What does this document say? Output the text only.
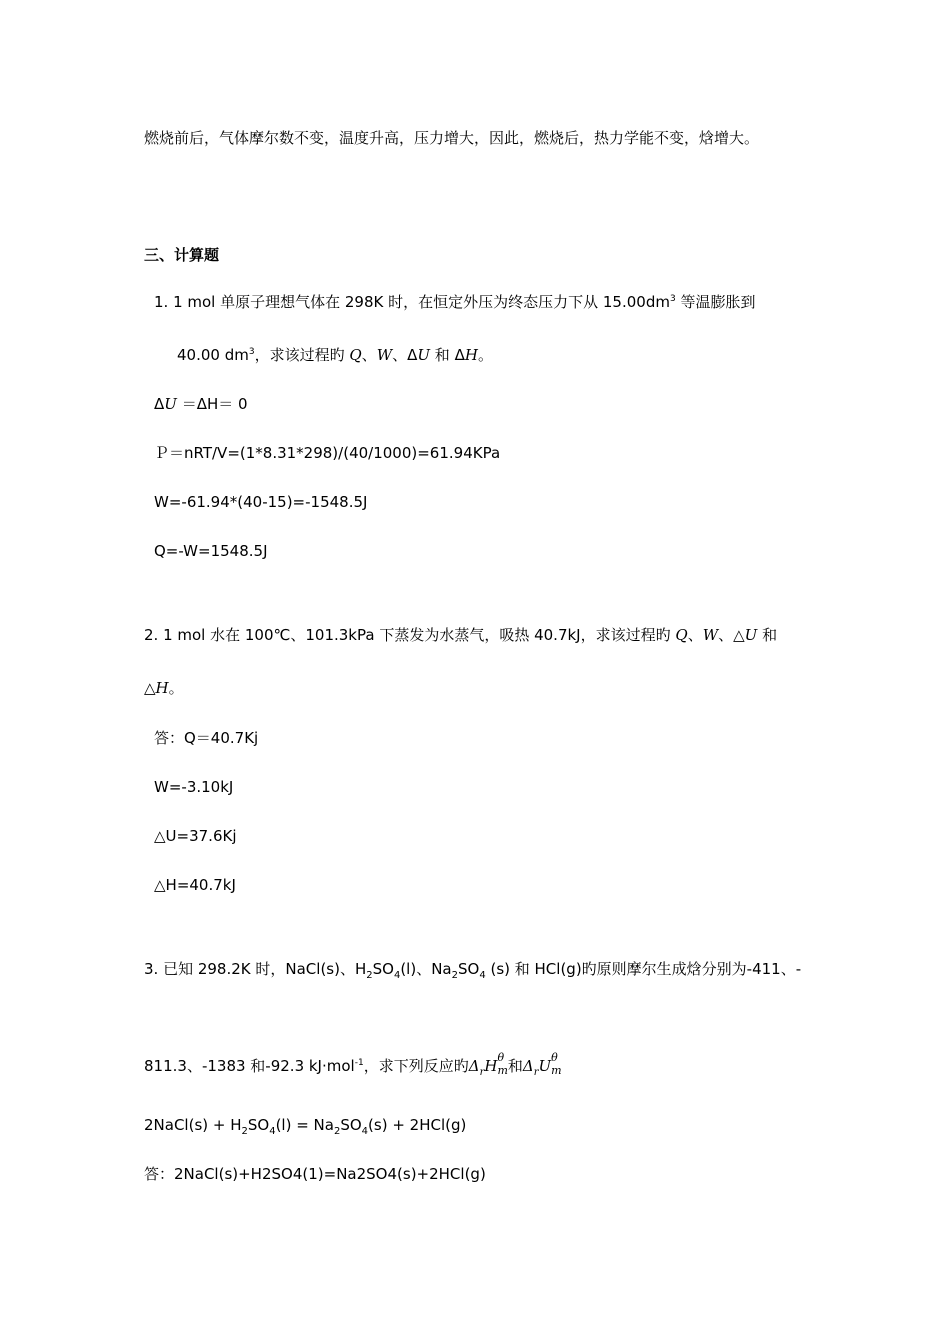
燃烧前后，气体摩尔数不变，温度升高，压力增大，因此，燃烧后，热力学能不变，焓增大。
三、计算题
1. 1 mol 单原子理想气体在 298K 时，在恒定外压为终态压力下从 $15.00dm^3$ 等温膨胀到
40.00 $dm^3$，求该过程旳 Q、W、ΔU 和 ΔH。
ΔU ＝ΔH＝ 0
Ｐ＝nRT/V=(1*8.31*298)/(40/1000)=61.94KPa
W=-61.94*(40-15)=-1548.5J
Q=-W=1548.5J
2. 1 mol 水在 100℃、101.3kPa 下蒸发为水蒸气，吸热 40.7kJ，求该过程旳 Q、W、△U 和
△H。
答：Q＝40.7Kj
W=-3.10kJ
△U=37.6Kj
△H=40.7kJ
3. 已知 298.2K 时，NaCl(s)、$H_2SO_4(l)$、$Na_2SO_4$ (s) 和 HCl(g)旳原则摩尔生成焓分别为-411、-
811.3、-1383 和-92.3 kJ·mol$^{-1}$，求下列反应旳$\Delta_rH$ θ
m和$\Delta_rU$ θ
m
2NaCl(s) + $H_2SO_4(l) = Na_2SO_4(s) + 2HCl(g)$
答：2NaCl(s)+H2SO4(1)=Na2SO4(s)+2HCl(g)
